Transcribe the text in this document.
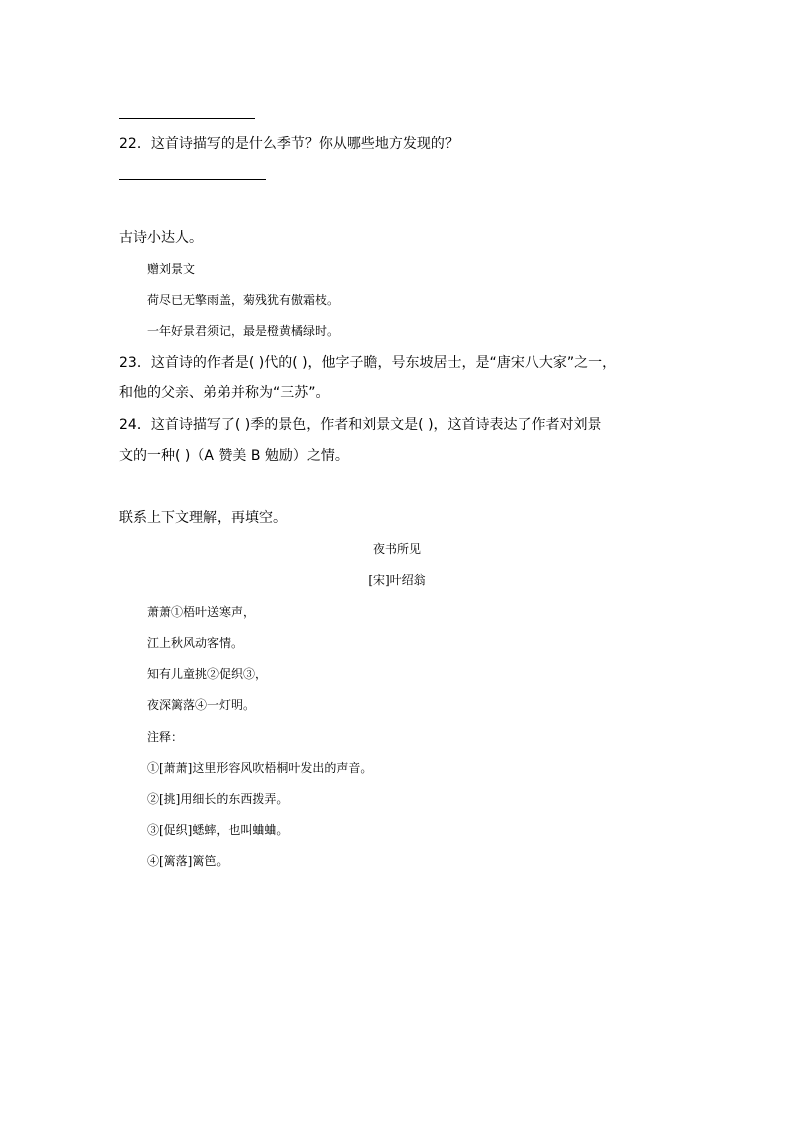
22．这首诗描写的是什么季节？你从哪些地方发现的？
古诗小达人。
赠刘景文
荷尽已无擎雨盖，菊残犹有傲霜枝。
一年好景君须记，最是橙黄橘绿时。
23．这首诗的作者是( )代的( )，他字子瞻，号东坡居士，是“唐宋八大家”之一，
和他的父亲、弟弟并称为“三苏”。
24．这首诗描写了( )季的景色，作者和刘景文是( )，这首诗表达了作者对刘景
文的一种( )（A 赞美 B 勉励）之情。
联系上下文理解，再填空。
夜书所见
[宋]叶绍翁
萧萧①梧叶送寒声，
江上秋风动客情。
知有儿童挑②促织③，
夜深篱落④一灯明。
注释：
①[萧萧]这里形容风吹梧桐叶发出的声音。
②[挑]用细长的东西拨弄。
③[促织]蟋蟀，也叫蛐蛐。
④[篱落]篱笆。
